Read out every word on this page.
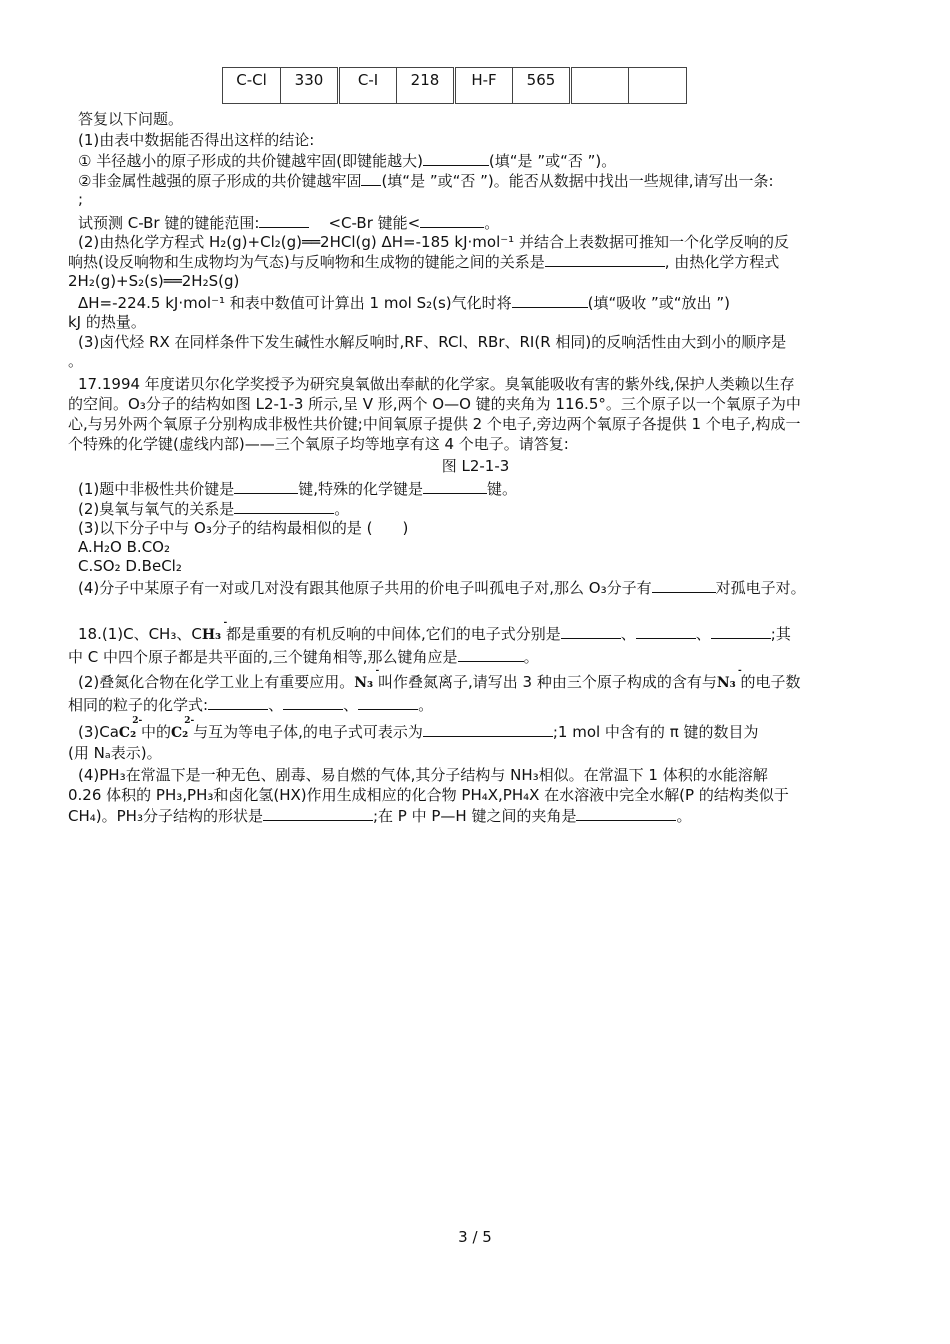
C-Cl	330	C-I	218	H-F	565		
答复以下问题。
(1)由表中数据能否得出这样的结论:
① 半径越小的原子形成的共价键越牢固(即键能越大)	(填“是 ”或“否 ”)。
②非金属性越强的原子形成的共价键越牢固 (填“是 ”或“否 ”)。能否从数据中找出一些规律,请写出一条:
;
试预测 C-Br 键的键能范围:	<C-Br 键能<	。
(2)由热化学方程式 H₂(g)+Cl₂(g)══2HCl(g) ΔH=-185 kJ·mol⁻¹ 并结合上表数据可推知一个化学反响的反
响热(设反响物和生成物均为气态)与反响物和生成物的键能之间的关系是	, 由热化学方程式
2H₂(g)+S₂(s)══2H₂S(g)
ΔH=-224.5 kJ·mol⁻¹ 和表中数值可计算出 1 mol S₂(s)气化时将	(填“吸收 ”或“放出 ”)
kJ 的热量。
(3)卤代烃 RX 在同样条件下发生碱性水解反响时,RF、RCl、RBr、RI(R 相同)的反响活性由大到小的顺序是
。
17.1994 年度诺贝尔化学奖授予为研究臭氧做出奉献的化学家。臭氧能吸收有害的紫外线,保护人类赖以生存
的空间。O₃分子的结构如图 L2-1-3 所示,呈 V 形,两个 O—O 键的夹角为 116.5°。三个原子以一个氧原子为中
心,与另外两个氧原子分别构成非极性共价键;中间氧原子提供 2 个电子,旁边两个氧原子各提供 1 个电子,构成一
个特殊的化学键(虚线内部)——三个氧原子均等地享有这 4 个电子。请答复:
图 L2-1-3
(1)题中非极性共价键是	键,特殊的化学键是	键。
(2)臭氧与氧气的关系是	。
(3)以下分子中与 O₃分子的结构最相似的是 (　　)
A.H₂O B.CO₂
C.SO₂ D.BeCl₂
(4)分子中某原子有一对或几对没有跟其他原子共用的价电子叫孤电子对,那么 O₃分子有	对孤电子对。
18.(1)C、CH₃、CH₃
-
都是重要的有机反响的中间体,它们的电子式分别是	、	、	;其
中 C 中四个原子都是共平面的,三个键角相等,那么键角应是	。
(2)叠氮化合物在化学工业上有重要应用。N₃
-
叫作叠氮离子,请写出 3 种由三个原子构成的含有与N₃
-
的电子数
相同的粒子的化学式:	、	、	。
(3)CaC₂
2-
中的C₂
2-
与互为等电子体,的电子式可表示为	;1 mol 中含有的 π 键的数目为
(用 Nₐ表示)。
(4)PH₃在常温下是一种无色、剧毒、易自燃的气体,其分子结构与 NH₃相似。在常温下 1 体积的水能溶解
0.26 体积的 PH₃,PH₃和卤化氢(HX)作用生成相应的化合物 PH₄X,PH₄X 在水溶液中完全水解(P 的结构类似于
CH₄)。PH₃分子结构的形状是	;在 P 中 P—H 键之间的夹角是	。
3 / 5
